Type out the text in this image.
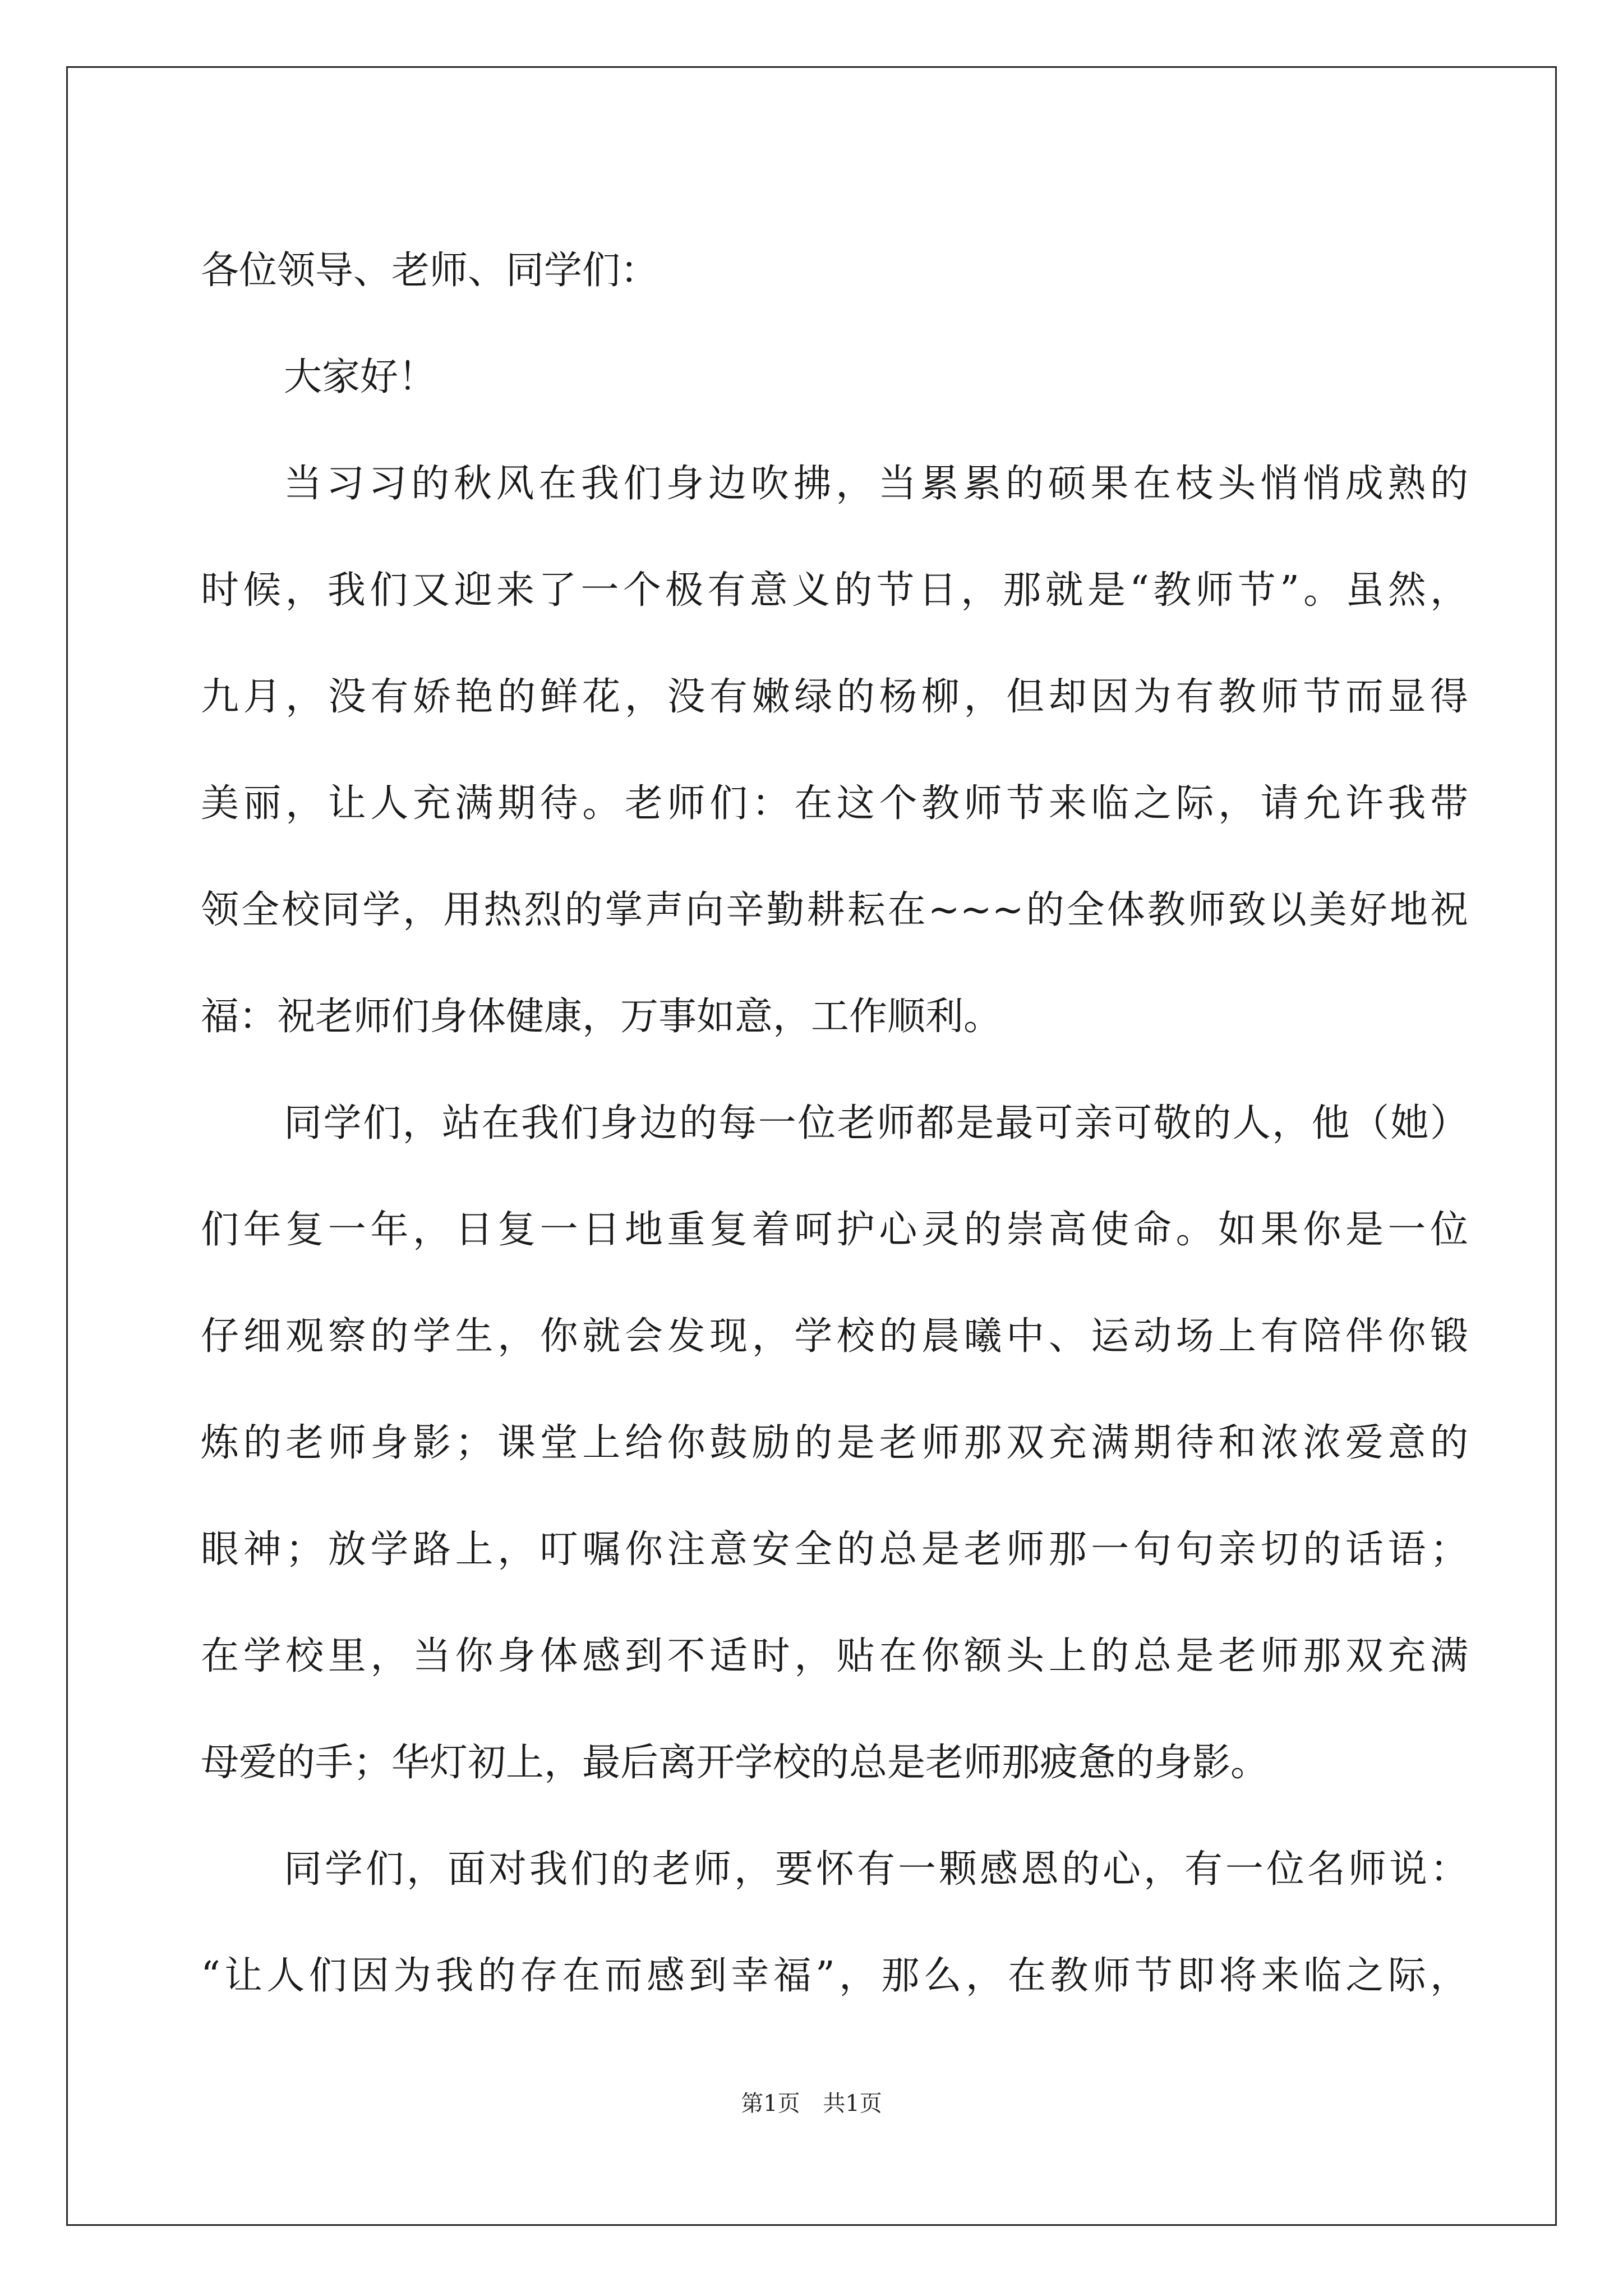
各位领导、老师、同学们：
大家好！
当习习的秋风在我们身边吹拂，当累累的硕果在枝头悄悄成熟的
时候，我们又迎来了一个极有意义的节日，那就是“教师节”。虽然，
九月，没有娇艳的鲜花，没有嫩绿的杨柳，但却因为有教师节而显得
美丽，让人充满期待。老师们：在这个教师节来临之际，请允许我带
领全校同学，用热烈的掌声向辛勤耕耘在~~~的全体教师致以美好地祝
福：祝老师们身体健康，万事如意，工作顺利。
同学们，站在我们身边的每一位老师都是最可亲可敬的人，他（她）
们年复一年，日复一日地重复着呵护心灵的崇高使命。如果你是一位
仔细观察的学生，你就会发现，学校的晨曦中、运动场上有陪伴你锻
炼的老师身影；课堂上给你鼓励的是老师那双充满期待和浓浓爱意的
眼神；放学路上，叮嘱你注意安全的总是老师那一句句亲切的话语；
在学校里，当你身体感到不适时，贴在你额头上的总是老师那双充满
母爱的手；华灯初上，最后离开学校的总是老师那疲惫的身影。
同学们，面对我们的老师，要怀有一颗感恩的心，有一位名师说：
“让人们因为我的存在而感到幸福”，那么，在教师节即将来临之际，
第1页 共1页
